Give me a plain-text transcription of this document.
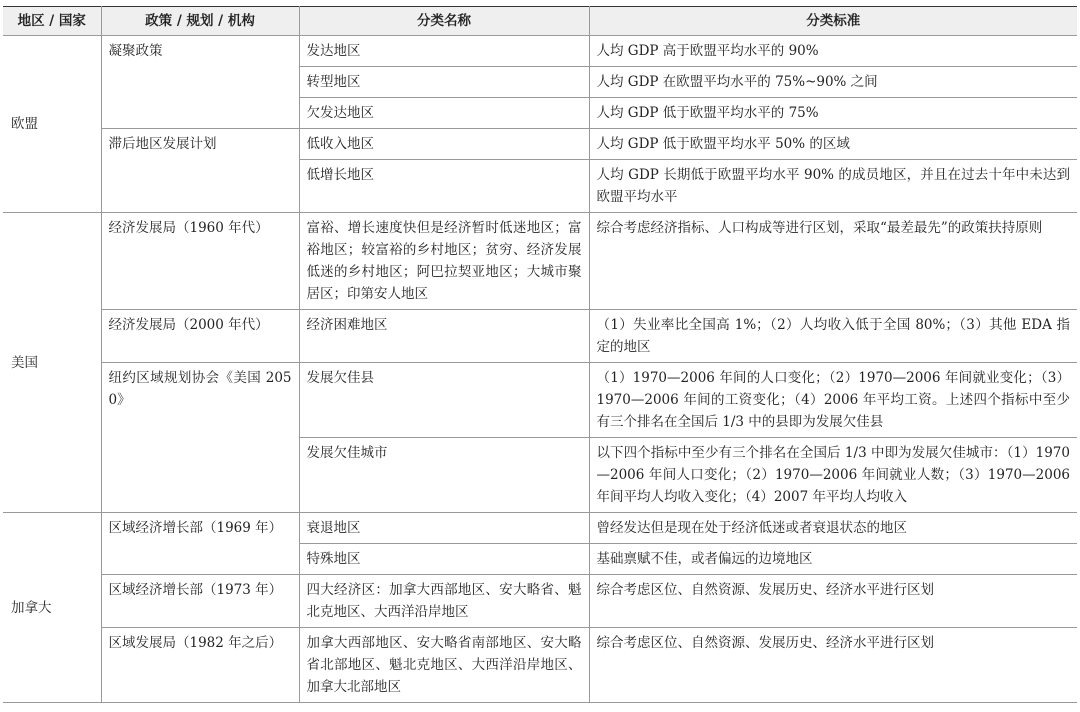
地区 / 国家	政策 / 规划 / 机构	分类名称	分类标准
欧盟	凝聚政策	发达地区	人均 GDP 高于欧盟平均水平的 90%
		转型地区	人均 GDP 在欧盟平均水平的 75%~90% 之间
		欠发达地区	人均 GDP 低于欧盟平均水平的 75%
	滞后地区发展计划	低收入地区	人均 GDP 低于欧盟平均水平 50% 的区域
		低增长地区	人均 GDP 长期低于欧盟平均水平 90% 的成员地区，并且在过去十年中未达到欧盟平均水平
美国	经济发展局（1960 年代）	富裕、增长速度快但是经济暂时低迷地区；富裕地区；较富裕的乡村地区；贫穷、经济发展低迷的乡村地区；阿巴拉契亚地区；大城市聚居区；印第安人地区	综合考虑经济指标、人口构成等进行区划，采取“最差最先”的政策扶持原则
	经济发展局（2000 年代）	经济困难地区	（1）失业率比全国高 1%；（2）人均收入低于全国 80%；（3）其他 EDA 指定的地区
	纽约区域规划协会《美国 2050》	发展欠佳县	（1）1970—2006 年间的人口变化；（2）1970—2006 年间就业变化；（3）1970—2006 年间的工资变化；（4）2006 年平均工资。上述四个指标中至少有三个排名在全国后 1/3 中的县即为发展欠佳县
		发展欠佳城市	以下四个指标中至少有三个排名在全国后 1/3 中即为发展欠佳城市：（1）1970—2006 年间人口变化；（2）1970—2006 年间就业人数；（3）1970—2006 年间平均人均收入变化；（4）2007 年平均人均收入
加拿大	区域经济增长部（1969 年）	衰退地区	曾经发达但是现在处于经济低迷或者衰退状态的地区
		特殊地区	基础禀赋不佳，或者偏远的边境地区
	区域经济增长部（1973 年）	四大经济区：加拿大西部地区、安大略省、魁北克地区、大西洋沿岸地区	综合考虑区位、自然资源、发展历史、经济水平进行区划
	区域发展局（1982 年之后）	加拿大西部地区、安大略省南部地区、安大略省北部地区、魁北克地区、大西洋沿岸地区、加拿大北部地区	综合考虑区位、自然资源、发展历史、经济水平进行区划
